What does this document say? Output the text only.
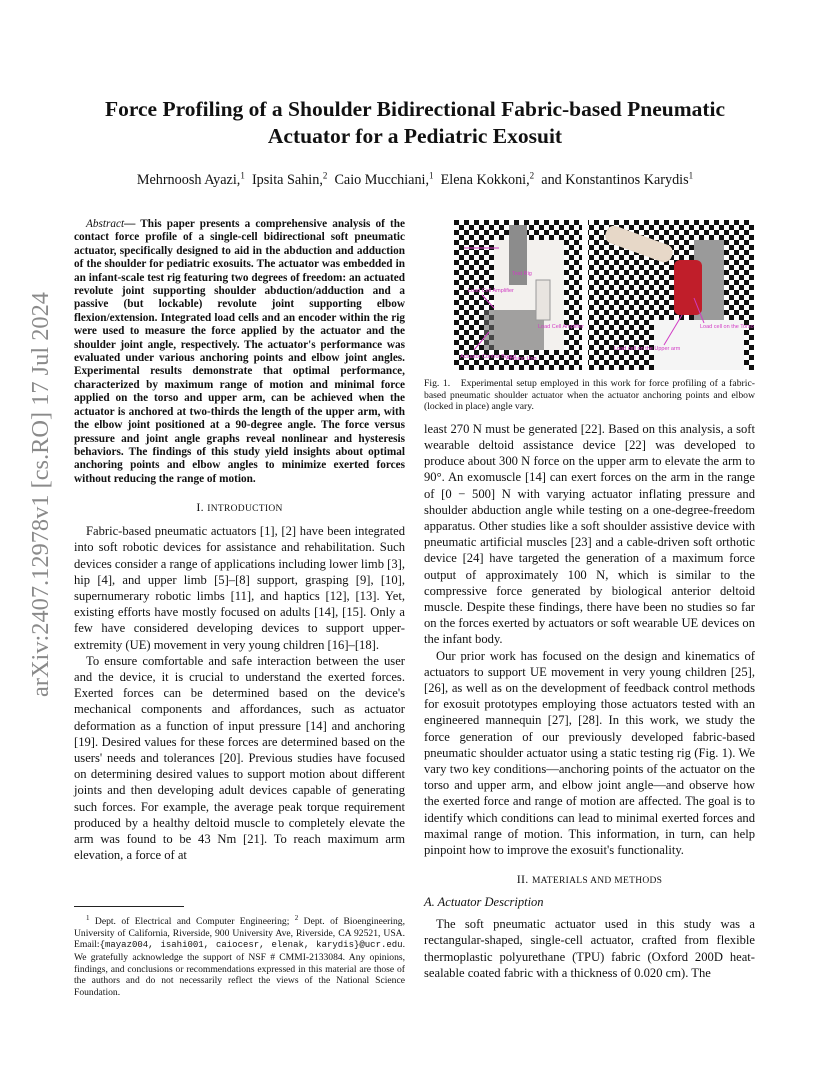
arXiv:2407.12978v1 [cs.RO] 17 Jul 2024
Force Profiling of a Shoulder Bidirectional Fabric-based Pneumatic Actuator for a Pediatric Exosuit
Mehrnoosh Ayazi,$^1$ Ipsita Sahin,$^2$ Caio Mucchiani,$^1$ Elena Kokkoni,$^2$ and Konstantinos Karydis$^1$

Abstract— This paper presents a comprehensive analysis of the contact force profile of a single-cell bidirectional soft pneumatic actuator, specifically designed to aid in the abduction and adduction of the shoulder for pediatric exosuits. The actuator was embedded in an infant-scale test rig featuring two degrees of freedom: an actuated revolute joint supporting shoulder abduction/adduction and a passive (but lockable) revolute joint supporting elbow flexion/extension. Integrated load cells and an encoder within the rig were used to measure the force applied by the actuator and the shoulder joint angle, respectively. The actuator's performance was evaluated under various anchoring points and elbow joint angles. Experimental results demonstrate that optimal performance, characterized by maximum range of motion and minimal force applied on the torso and upper arm, can be achieved when the actuator is anchored at two-thirds the length of the upper arm, with the elbow joint positioned at a 90-degree angle. The force versus pressure and joint angle graphs reveal nonlinear and hysteresis behaviors. The findings of this study yield insights about optimal anchoring points and elbow angles to minimize exerted forces without reducing the range of motion.

I. INTRODUCTION

Fabric-based pneumatic actuators [1], [2] have been integrated into soft robotic devices for assistance and rehabilitation. Such devices consider a range of applications including lower limb [3], hip [4], and upper limb [5]–[8] support, grasping [9], [10], supernumerary robotic limbs [11], and haptics [12], [13]. Yet, existing efforts have mostly focused on adults [14], [15]. Only a few have considered developing devices to support upper-extremity (UE) movement in very young children [16]–[18].

To ensure comfortable and safe interaction between the user and the device, it is crucial to understand the exerted forces. Exerted forces can be determined based on the device's mechanical components and affordances, such as actuator deformation as a function of input pressure [14] and anchoring [19]. Desired values for these forces are determined based on the users' needs and tolerances [20]. Previous studies have focused on determining desired values to support motion about different joints and then developing adult devices capable of generating such forces. For example, the average peak torque requirement produced by a healthy deltoid muscle to completely elevate the arm was found to be 43 Nm [21]. To reach maximum arm elevation, a force of at

$^1$ Dept. of Electrical and Computer Engineering; $^2$ Dept. of Bioengineering, University of California, Riverside, 900 University Ave, Riverside, CA 92521, USA. Email:{mayaz004, isahi001, caiocesr, elenak, karydis}@ucr.edu. We gratefully acknowledge the support of NSF # CMMI-2133084. Any opinions, findings, and conclusions or recommendations expressed in this material are those of the authors and do not necessarily reflect the views of the National Science Foundation.
Test Rig
Load Cell Amplifier
Load Cell Amplifier
Actuator Control Board
Arduino Uno
Load cell on the Torso
Load cell on the Upper arm
Fig. 1. Experimental setup employed in this work for force profiling of a fabric-based pneumatic shoulder actuator when the actuator anchoring points and elbow (locked in place) angle vary.

least 270 N must be generated [22]. Based on this analysis, a soft wearable deltoid assistance device [22] was developed to produce about 300 N force on the upper arm to elevate the arm to 90°. An exomuscle [14] can exert forces on the arm in the range of [0 − 500] N with varying actuator inflating pressure and shoulder abduction angle while testing on a one-degree-freedom apparatus. Other studies like a soft shoulder assistive device with pneumatic artificial muscles [23] and a cable-driven soft orthotic device [24] have targeted the generation of a maximum force output of approximately 100 N, which is similar to the compressive force generated by biological anterior deltoid muscle. Despite these findings, there have been no studies so far on the forces exerted by actuators or soft wearable UE devices on the infant body.

Our prior work has focused on the design and kinematics of actuators to support UE movement in very young children [25], [26], as well as on the development of feedback control methods for exosuit prototypes employing those actuators tested with an engineered mannequin [27], [28]. In this work, we study the force generation of our previously developed fabric-based pneumatic shoulder actuator using a static testing rig (Fig. 1). We vary two key conditions—anchoring points of the actuator on the torso and upper arm, and elbow joint angle—and observe how the exerted force and range of motion are affected. The goal is to identify which conditions can lead to minimal exerted forces and maximal range of motion. This information, in turn, can help pinpoint how to improve the exosuit's functionality.

II. MATERIALS AND METHODS
A. Actuator Description

The soft pneumatic actuator used in this study was a rectangular-shaped, single-cell actuator, crafted from flexible thermoplastic polyurethane (TPU) fabric (Oxford 200D heat-sealable coated fabric with a thickness of 0.020 cm). The
